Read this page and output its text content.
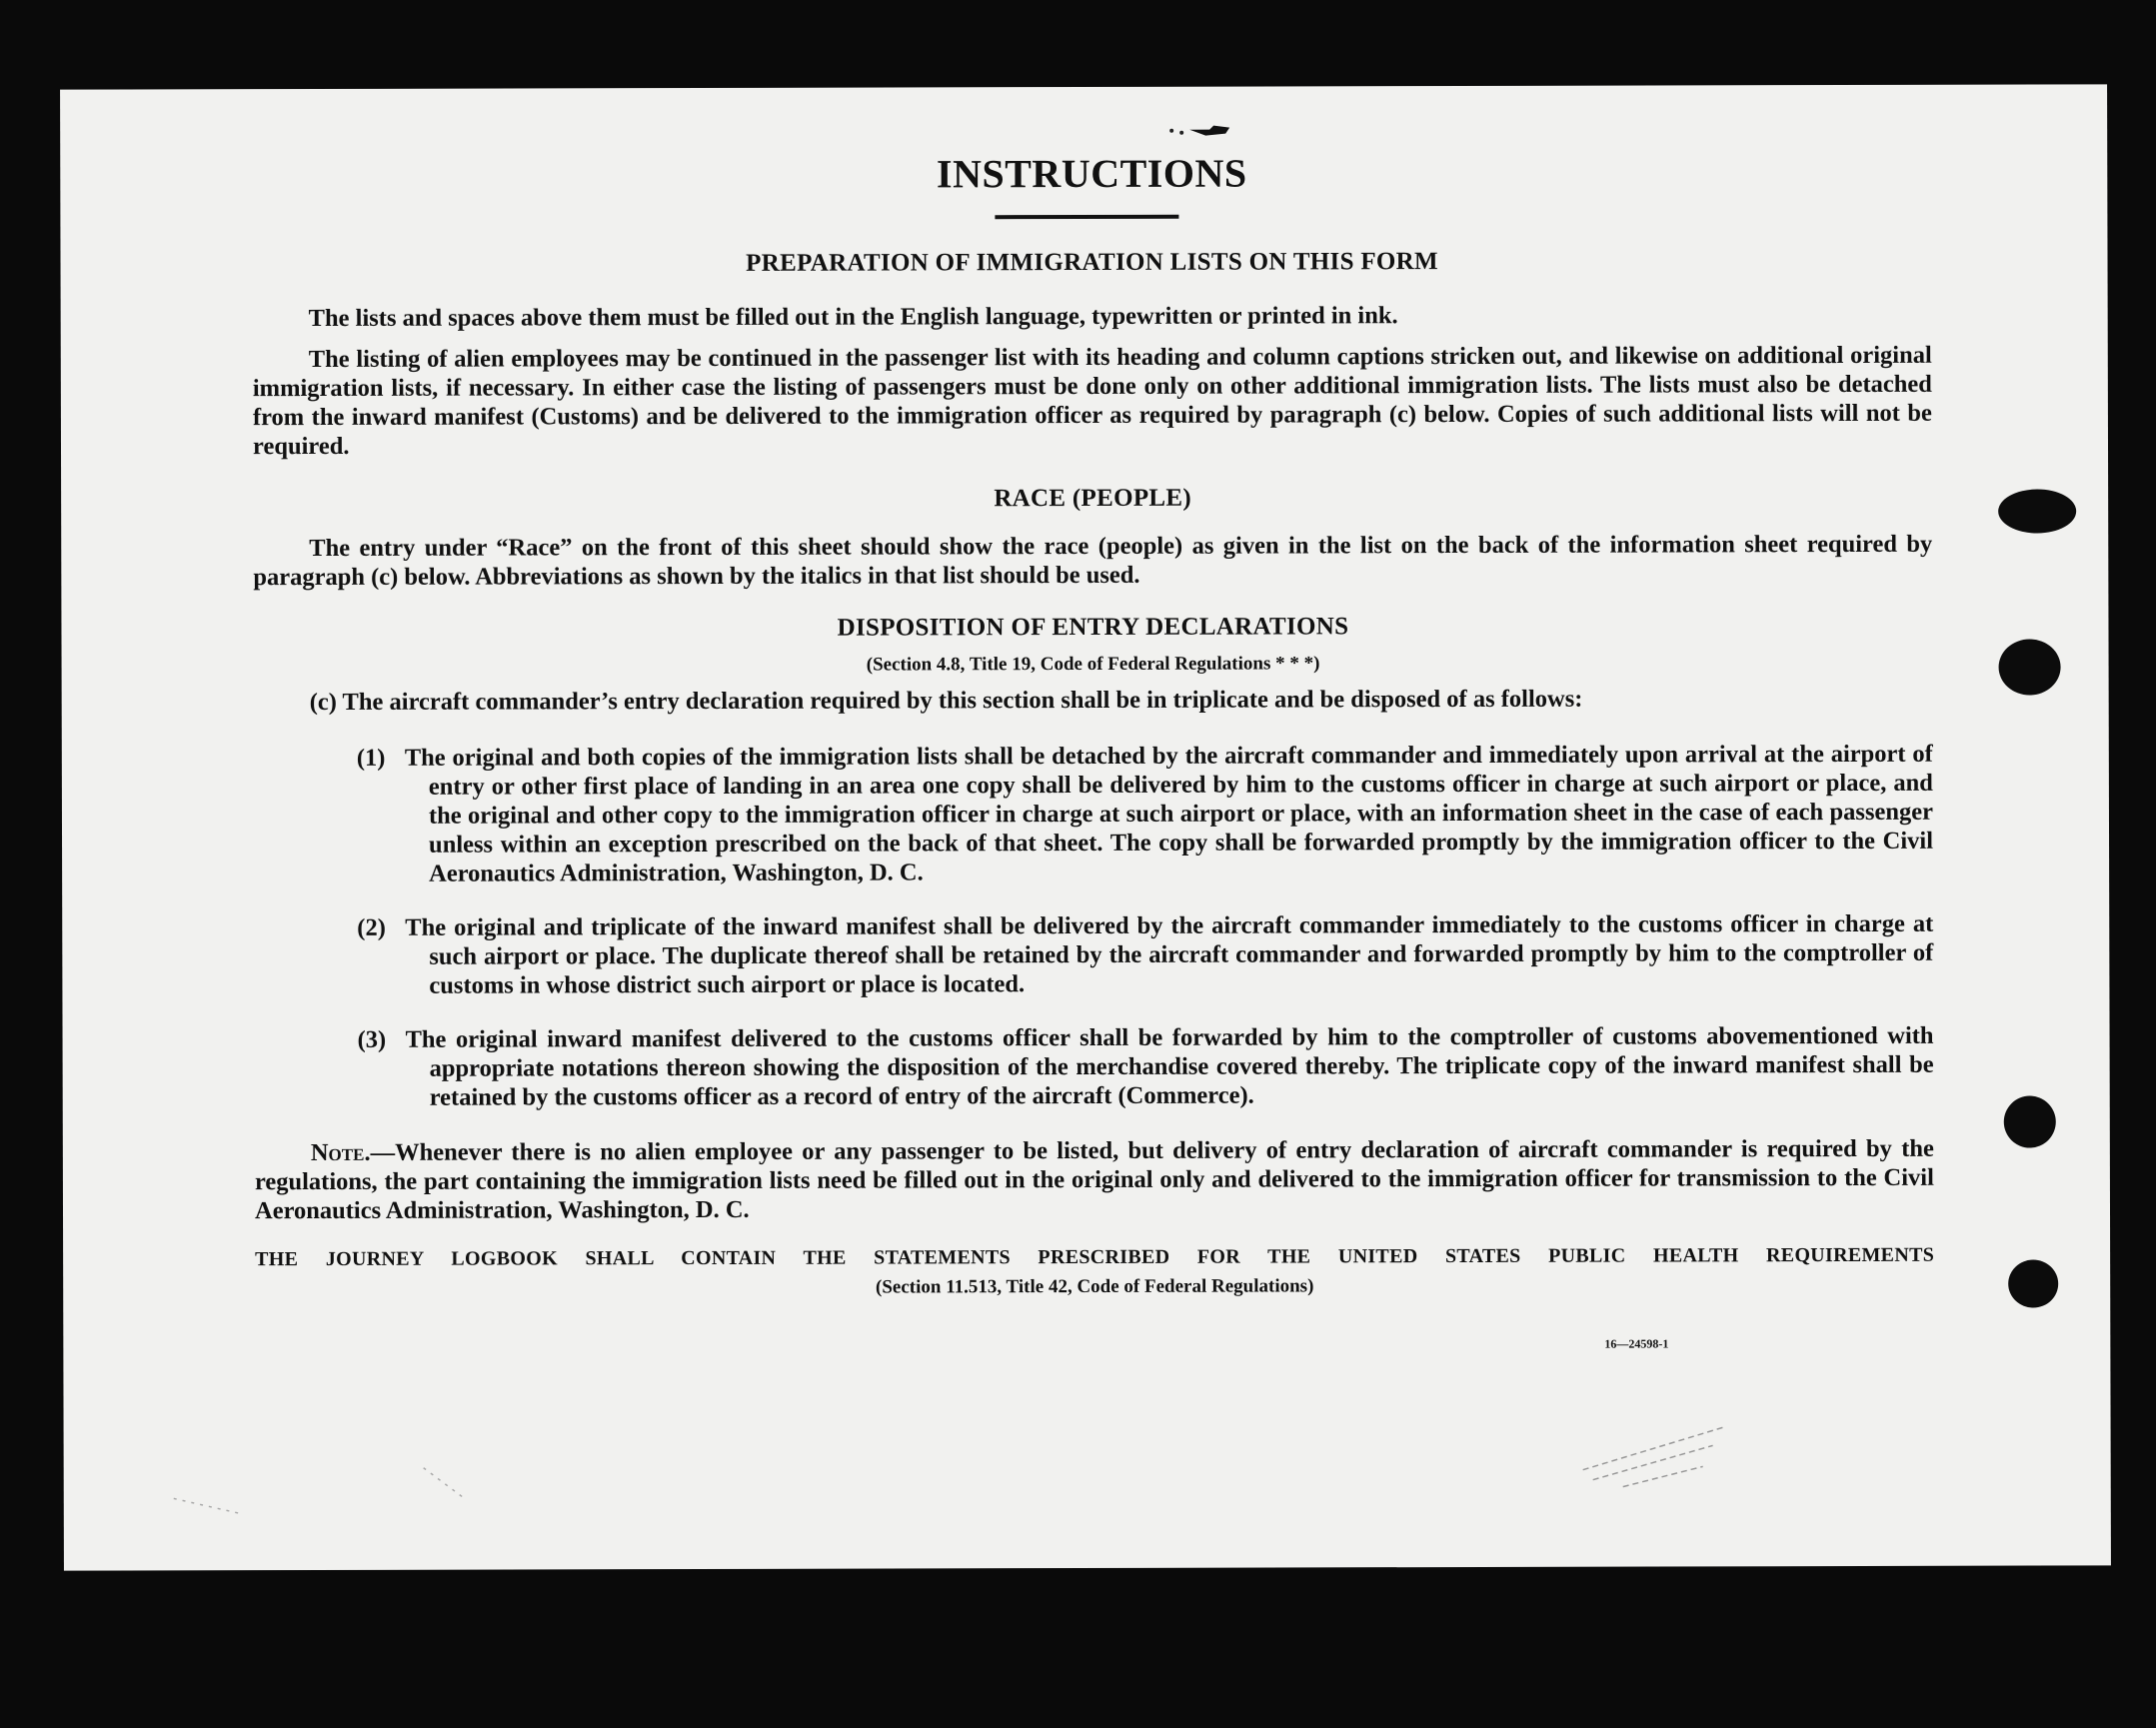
INSTRUCTIONS
PREPARATION OF IMMIGRATION LISTS ON THIS FORM

The lists and spaces above them must be filled out in the English language, typewritten or printed in ink.

The listing of alien employees may be continued in the passenger list with its heading and column captions stricken out, and likewise on additional original immigration lists, if necessary. In either case the listing of passengers must be done only on other additional immigration lists. The lists must also be detached from the inward manifest (Customs) and be delivered to the immigration officer as required by paragraph (c) below. Copies of such additional lists will not be required.

RACE (PEOPLE)

The entry under “Race” on the front of this sheet should show the race (people) as given in the list on the back of the information sheet required by paragraph (c) below. Abbreviations as shown by the italics in that list should be used.

DISPOSITION OF ENTRY DECLARATIONS

(Section 4.8, Title 19, Code of Federal Regulations * * *)

(c) The aircraft commander’s entry declaration required by this section shall be in triplicate and be disposed of as follows:

(1) The original and both copies of the immigration lists shall be detached by the aircraft commander and immediately upon arrival at the airport of entry or other first place of landing in an area one copy shall be delivered by him to the customs officer in charge at such airport or place, and the original and other copy to the immigration officer in charge at such airport or place, with an information sheet in the case of each passenger unless within an exception prescribed on the back of that sheet. The copy shall be forwarded promptly by the immigration officer to the Civil Aeronautics Administration, Washington, D. C.

(2) The original and triplicate of the inward manifest shall be delivered by the aircraft commander immediately to the customs officer in charge at such airport or place. The duplicate thereof shall be retained by the aircraft commander and forwarded promptly by him to the comptroller of customs in whose district such airport or place is located.

(3) The original inward manifest delivered to the customs officer shall be forwarded by him to the comptroller of customs abovementioned with appropriate notations thereon showing the disposition of the merchandise covered thereby. The triplicate copy of the inward manifest shall be retained by the customs officer as a record of entry of the aircraft (Commerce).

Note.—Whenever there is no alien employee or any passenger to be listed, but delivery of entry declaration of aircraft commander is required by the regulations, the part containing the immigration lists need be filled out in the original only and delivered to the immigration officer for transmission to the Civil Aeronautics Administration, Washington, D. C.

THE JOURNEY LOGBOOK SHALL CONTAIN THE STATEMENTS PRESCRIBED FOR THE UNITED STATES PUBLIC HEALTH REQUIREMENTS

(Section 11.513, Title 42, Code of Federal Regulations)

16—24598-1
